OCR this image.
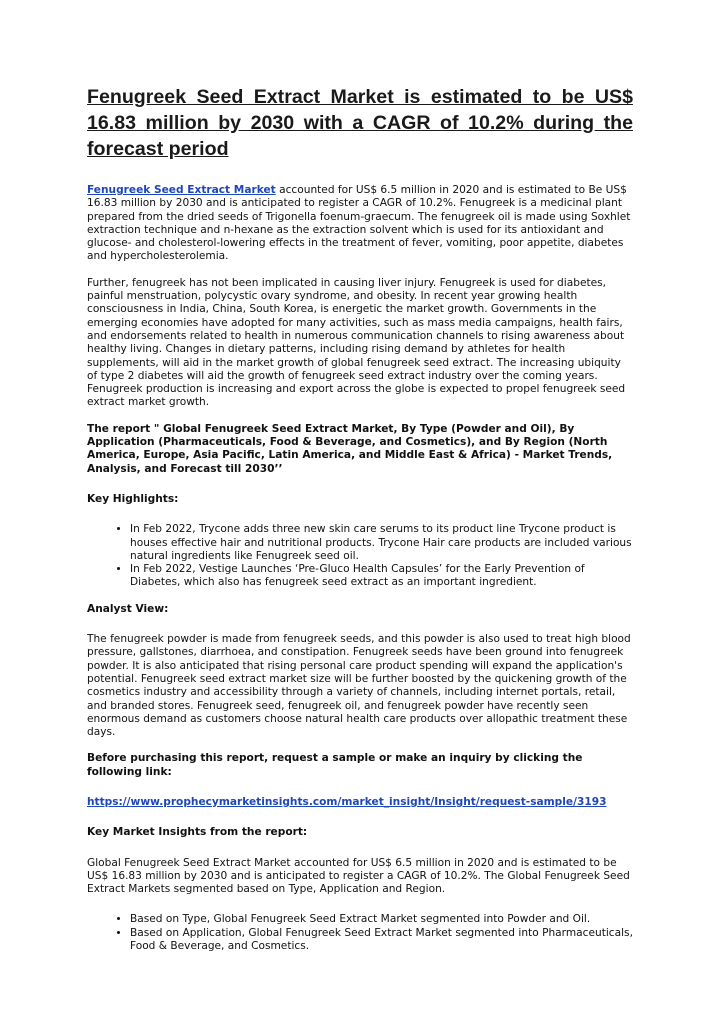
Fenugreek Seed Extract Market is estimated to be US$ 16.83 million by 2030 with a CAGR of 10.2% during the forecast period

Fenugreek Seed Extract Market accounted for US$ 6.5 million in 2020 and is estimated to Be US$ 16.83 million by 2030 and is anticipated to register a CAGR of 10.2%. Fenugreek is a medicinal plant prepared from the dried seeds of Trigonella foenum-graecum. The fenugreek oil is made using Soxhlet extraction technique and n-hexane as the extraction solvent which is used for its antioxidant and glucose- and cholesterol-lowering effects in the treatment of fever, vomiting, poor appetite, diabetes and hypercholesterolemia.

Further, fenugreek has not been implicated in causing liver injury. Fenugreek is used for diabetes, painful menstruation, polycystic ovary syndrome, and obesity. In recent year growing health consciousness in India, China, South Korea, is energetic the market growth. Governments in the emerging economies have adopted for many activities, such as mass media campaigns, health fairs, and endorsements related to health in numerous communication channels to rising awareness about healthy living. Changes in dietary patterns, including rising demand by athletes for health supplements, will aid in the market growth of global fenugreek seed extract. The increasing ubiquity of type 2 diabetes will aid the growth of fenugreek seed extract industry over the coming years. Fenugreek production is increasing and export across the globe is expected to propel fenugreek seed extract market growth.

The report " Global Fenugreek Seed Extract Market, By Type (Powder and Oil), By Application (Pharmaceuticals, Food & Beverage, and Cosmetics), and By Region (North America, Europe, Asia Pacific, Latin America, and Middle East & Africa) - Market Trends, Analysis, and Forecast till 2030’’

Key Highlights:

• In Feb 2022, Trycone adds three new skin care serums to its product line Trycone product is houses effective hair and nutritional products. Trycone Hair care products are included various natural ingredients like Fenugreek seed oil.
• In Feb 2022, Vestige Launches ‘Pre-Gluco Health Capsules’ for the Early Prevention of Diabetes, which also has fenugreek seed extract as an important ingredient.

Analyst View:

The fenugreek powder is made from fenugreek seeds, and this powder is also used to treat high blood pressure, gallstones, diarrhoea, and constipation. Fenugreek seeds have been ground into fenugreek powder. It is also anticipated that rising personal care product spending will expand the application's potential. Fenugreek seed extract market size will be further boosted by the quickening growth of the cosmetics industry and accessibility through a variety of channels, including internet portals, retail, and branded stores. Fenugreek seed, fenugreek oil, and fenugreek powder have recently seen enormous demand as customers choose natural health care products over allopathic treatment these days.

Before purchasing this report, request a sample or make an inquiry by clicking the following link:

https://www.prophecymarketinsights.com/market_insight/Insight/request-sample/3193

Key Market Insights from the report:

Global Fenugreek Seed Extract Market accounted for US$ 6.5 million in 2020 and is estimated to be US$ 16.83 million by 2030 and is anticipated to register a CAGR of 10.2%. The Global Fenugreek Seed Extract Markets segmented based on Type, Application and Region.

• Based on Type, Global Fenugreek Seed Extract Market segmented into Powder and Oil.
• Based on Application, Global Fenugreek Seed Extract Market segmented into Pharmaceuticals, Food & Beverage, and Cosmetics.
